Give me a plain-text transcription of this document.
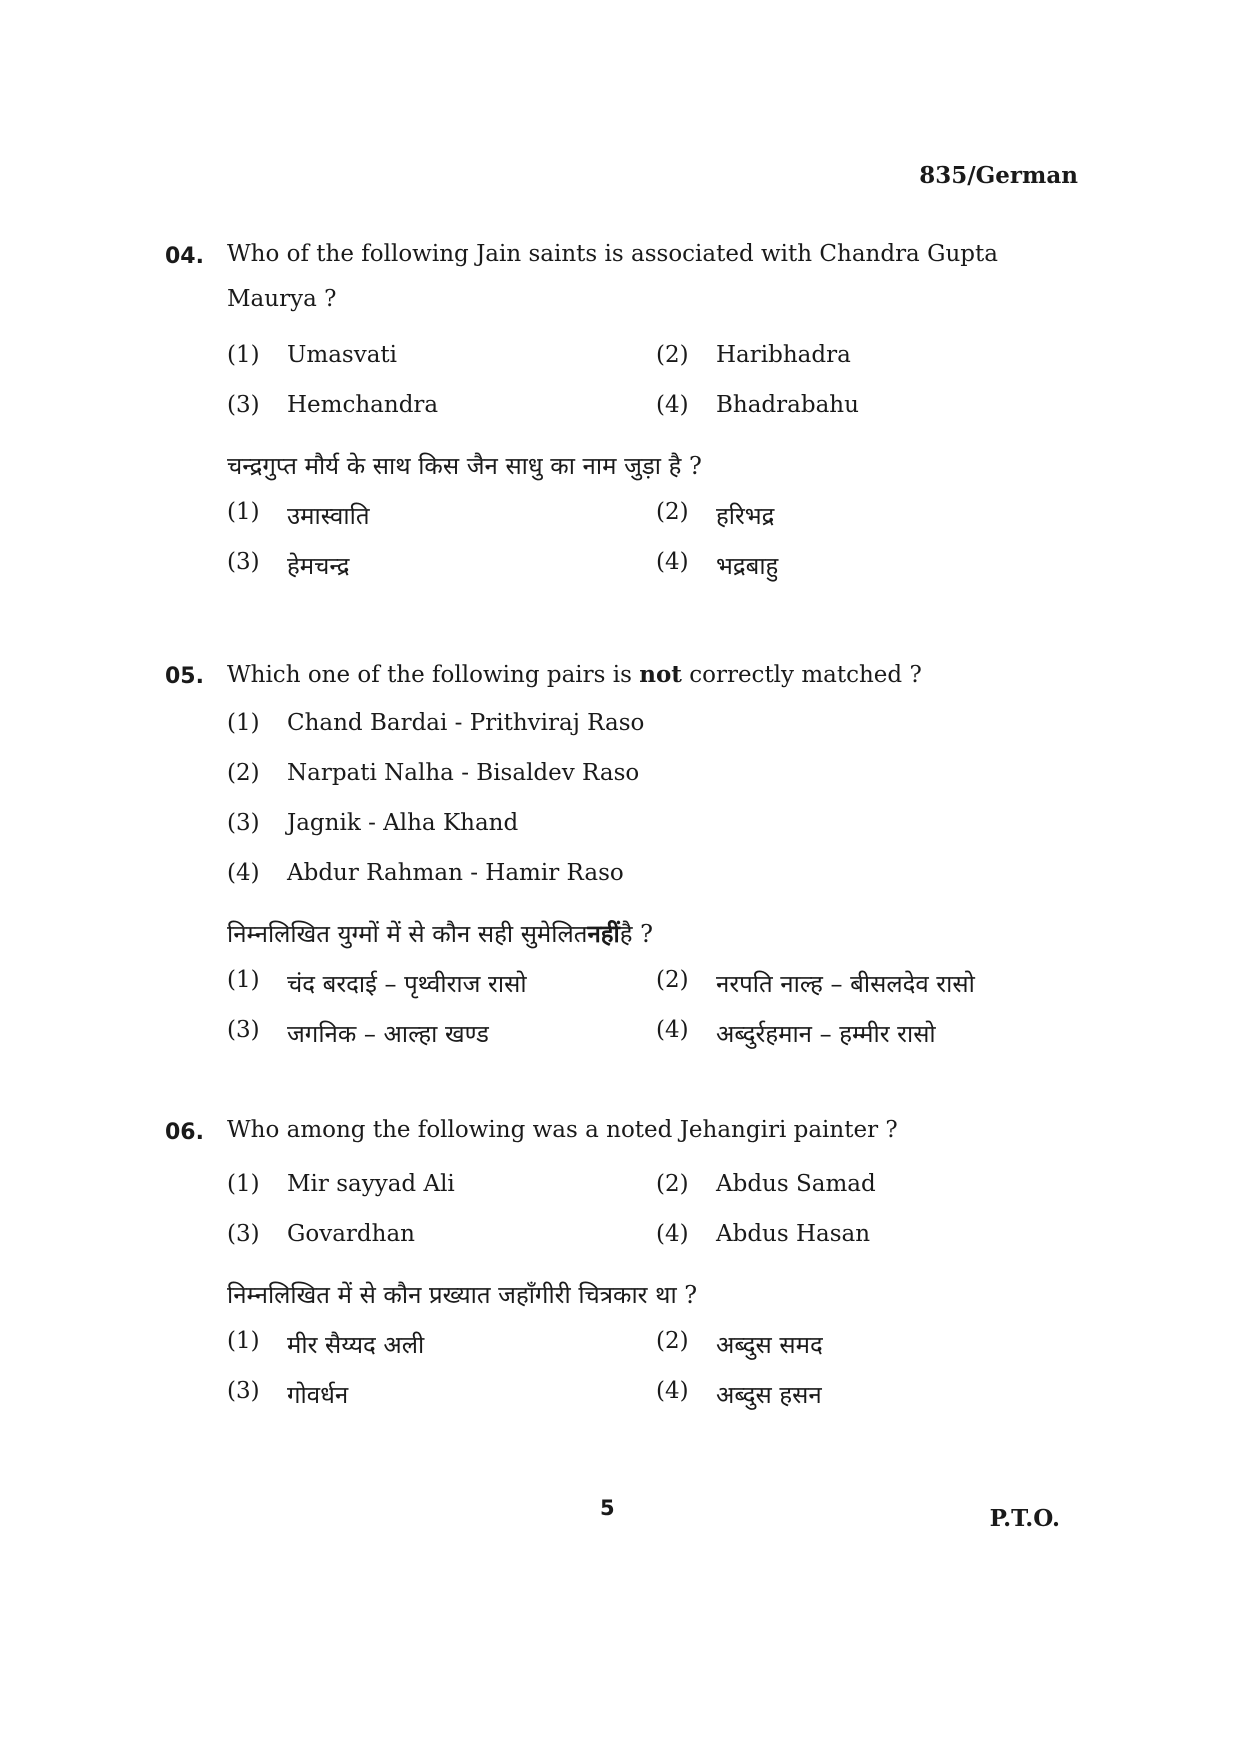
835/German
04. Who of the following Jain saints is associated with Chandra Gupta Maurya ?
(1)	Umasvati	(2)	Haribhadra
(3)	Hemchandra	(4)	Bhadrabahu
चन्द्रगुप्त मौर्य के साथ किस जैन साधु का नाम जुड़ा है ?
(1)	उमास्वाति	(2)	हरिभद्र
(3)	हेमचन्द्र	(4)	भद्रबाहु
05. Which one of the following pairs is not correctly matched ?
(1)	Chand Bardai - Prithviraj Raso
(2)	Narpati Nalha - Bisaldev Raso
(3)	Jagnik - Alha Khand
(4)	Abdur Rahman - Hamir Raso
निम्नलिखित युग्मों में से कौन सही सुमेलित नहीं है ?
(1)	चंद बरदाई – पृथ्वीराज रासो	(2)	नरपति नाल्ह – बीसलदेव रासो
(3)	जगनिक – आल्हा खण्ड	(4)	अब्दुर्रहमान – हम्मीर रासो
06. Who among the following was a noted Jehangiri painter ?
(1)	Mir sayyad Ali	(2)	Abdus Samad
(3)	Govardhan	(4)	Abdus Hasan
निम्नलिखित में से कौन प्रख्यात जहाँगीरी चित्रकार था ?
(1)	मीर सैय्यद अली	(2)	अब्दुस समद
(3)	गोवर्धन	(4)	अब्दुस हसन
5	P.T.O.
